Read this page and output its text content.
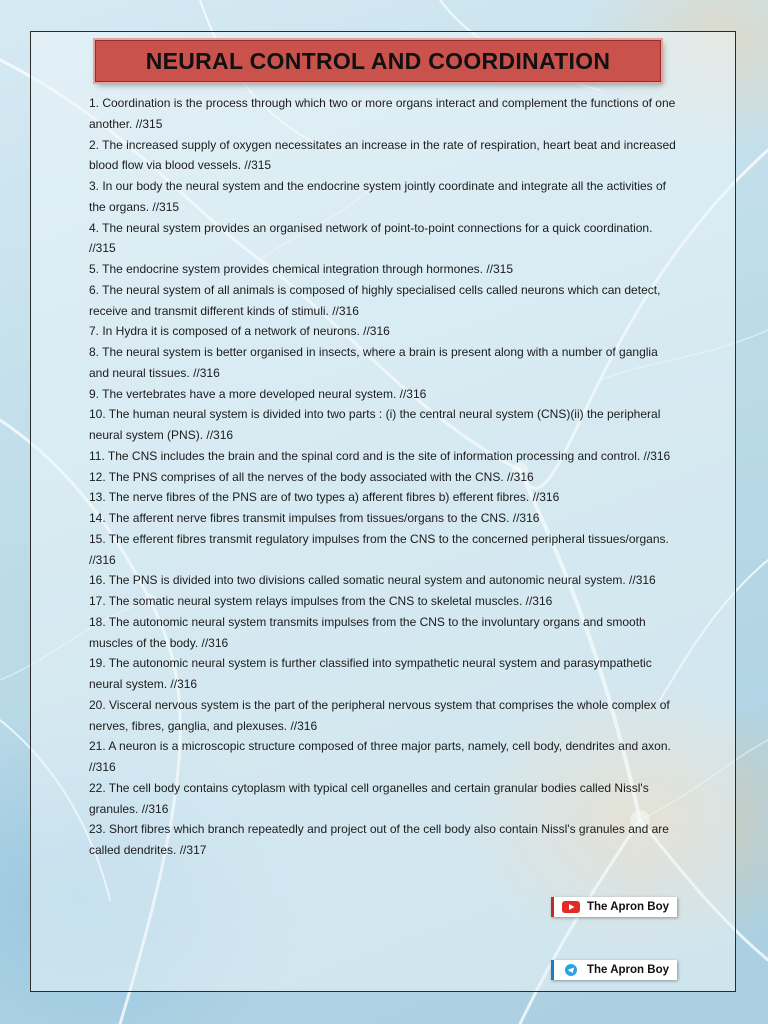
NEURAL CONTROL AND COORDINATION

1. Coordination is the process through which two or more organs interact and complement the functions of one another. //315

2. The increased supply of oxygen necessitates an increase in the rate of respiration, heart beat and increased blood flow via blood vessels. //315

3. In our body the neural system and the endocrine system jointly coordinate and integrate all the activities of the organs. //315

4. The neural system provides an organised network of point-to-point connections for a quick coordination. //315

5. The endocrine system provides chemical integration through hormones. //315

6. The neural system of all animals is composed of highly specialised cells called neurons which can detect, receive and transmit different kinds of stimuli. //316

7. In Hydra it is composed of a network of neurons. //316

8. The neural system is better organised in insects, where a brain is present along with a number of ganglia and neural tissues. //316

9. The vertebrates have a more developed neural system. //316

10. The human neural system is divided into two parts : (i) the central neural system (CNS)(ii) the peripheral neural system (PNS). //316

11. The CNS includes the brain and the spinal cord and is the site of information processing and control. //316

12. The PNS comprises of all the nerves of the body associated with the CNS. //316

13. The nerve fibres of the PNS are of two types a) afferent fibres b) efferent fibres. //316

14. The afferent nerve fibres transmit impulses from tissues/organs to the CNS. //316

15. The efferent fibres transmit regulatory impulses from the CNS to the concerned peripheral tissues/organs. //316

16. The PNS is divided into two divisions called somatic neural system and autonomic neural system. //316

17. The somatic neural system relays impulses from the CNS to skeletal muscles. //316

18. The autonomic neural system transmits impulses from the CNS to the involuntary organs and smooth muscles of the body. //316

19. The autonomic neural system is further classified into sympathetic neural system and parasympathetic neural system. //316

20. Visceral nervous system is the part of the peripheral nervous system that comprises the whole complex of nerves, fibres, ganglia, and plexuses. //316

21. A neuron is a microscopic structure composed of three major parts, namely, cell body, dendrites and axon. //316

22. The cell body contains cytoplasm with typical cell organelles and certain granular bodies called Nissl's granules. //316

23. Short fibres which branch repeatedly and project out of the cell body also contain Nissl's granules and are called dendrites. //317

The Apron Boy
The Apron Boy
